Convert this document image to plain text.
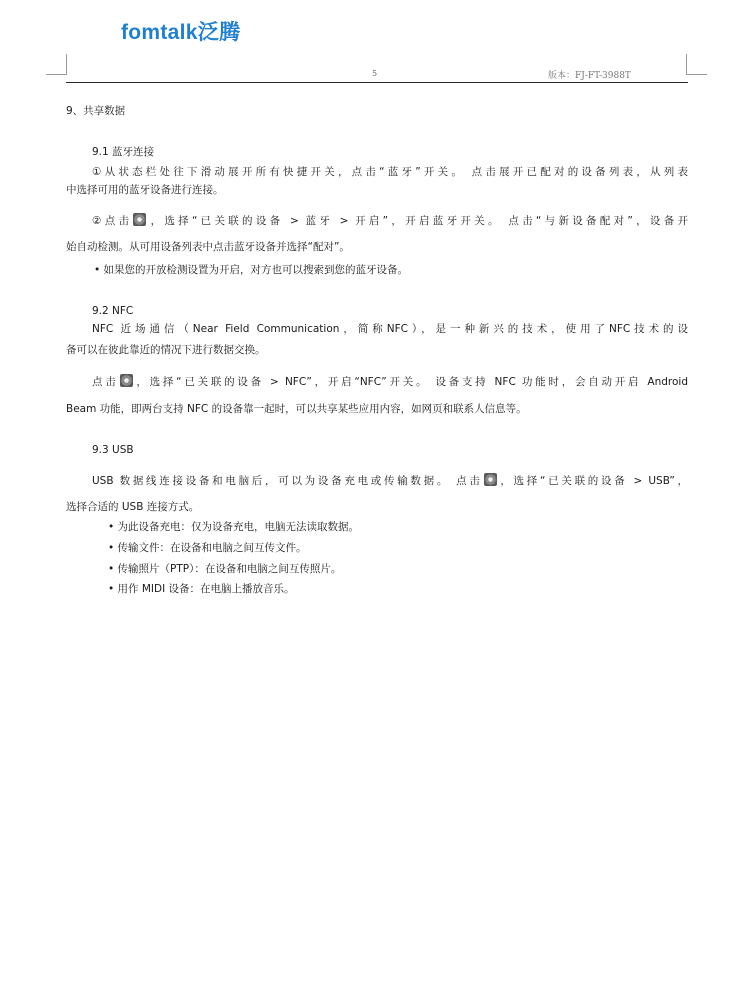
fomtalk泛腾
5	版本：FJ-FT-3988T
9、共享数据
9.1 蓝牙连接
①从状态栏处往下滑动展开所有快捷开关，点击“蓝牙”开关。 点击展开已配对的设备列表，从列表
中选择可用的蓝牙设备进行连接。
②点击 ，选择“已关联的设备 > 蓝牙 > 开启”，开启蓝牙开关。 点击“与新设备配对”，设备开
始自动检测。从可用设备列表中点击蓝牙设备并选择“配对”。
• 如果您的开放检测设置为开启，对方也可以搜索到您的蓝牙设备。
9.2 NFC
NFC 近场通信（Near Field Communication，简称NFC），是一种新兴的技术，使用了NFC技术的设
备可以在彼此靠近的情况下进行数据交换。
点击 ，选择“已关联的设备 > NFC”，开启“NFC”开关。 设备支持 NFC 功能时，会自动开启 Android
Beam 功能，即两台支持 NFC 的设备靠一起时，可以共享某些应用内容，如网页和联系人信息等。
9.3 USB
USB 数据线连接设备和电脑后，可以为设备充电或传输数据。 点击 ，选择“已关联的设备 > USB”，
选择合适的 USB 连接方式。
• 为此设备充电：仅为设备充电，电脑无法读取数据。
• 传输文件：在设备和电脑之间互传文件。
• 传输照片（PTP）：在设备和电脑之间互传照片。
• 用作 MIDI 设备：在电脑上播放音乐。
